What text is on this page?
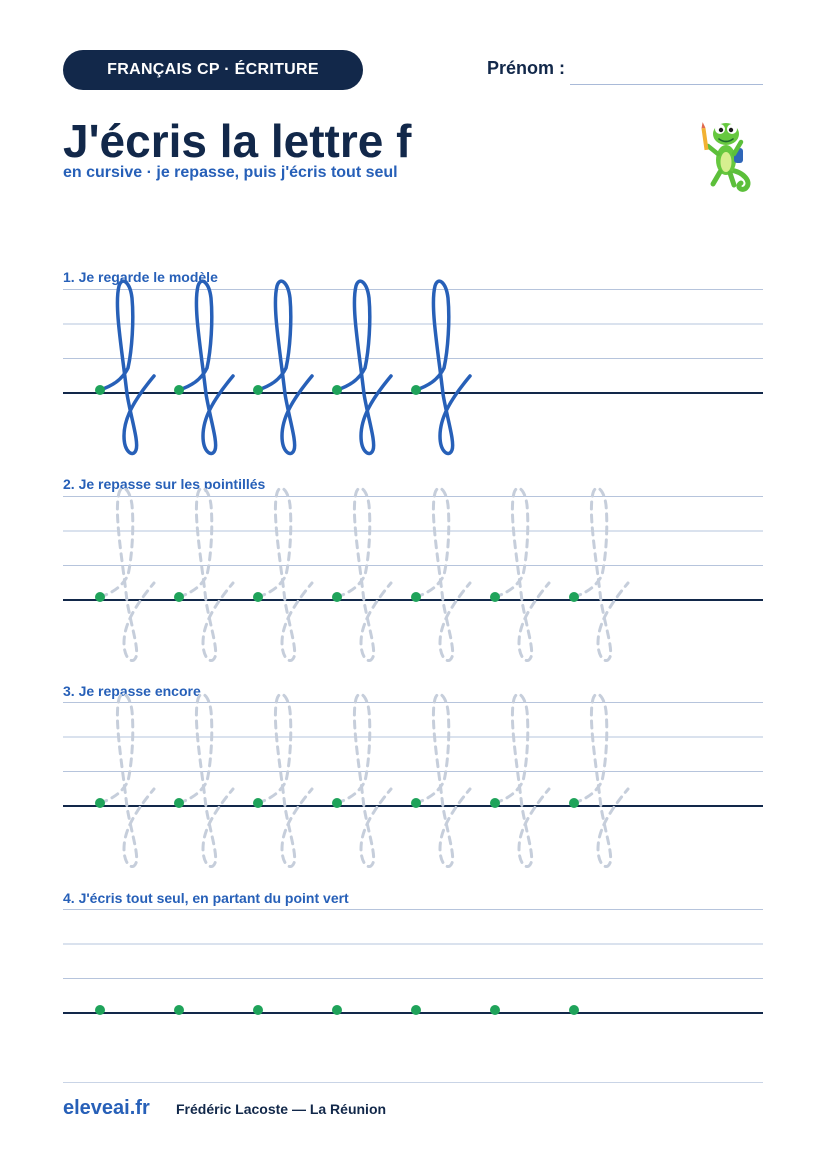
FRANÇAIS CP · ÉCRITURE	Prénom :
J'écris la lettre f
en cursive · je repasse, puis j'écris tout seul
1. Je regarde le modèle
2. Je repasse sur les pointillés
3. Je repasse encore
4. J'écris tout seul, en partant du point vert
eleveai.fr Frédéric Lacoste — La Réunion
